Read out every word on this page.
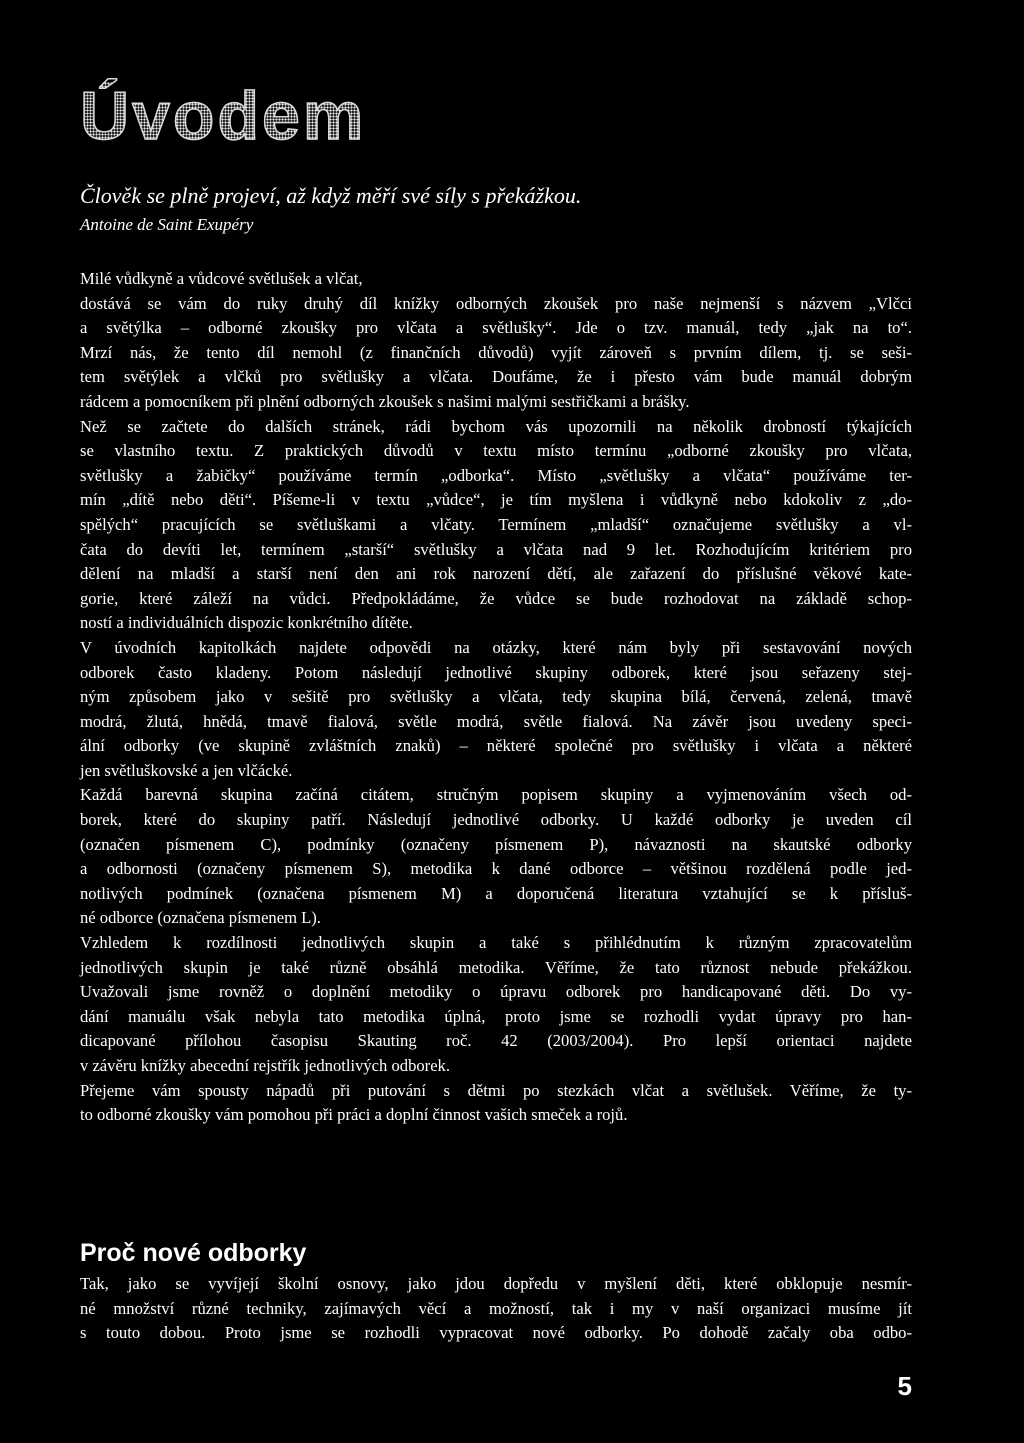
Úvodem
Člověk se plně projeví, až když měří své síly s překážkou.
Antoine de Saint Exupéry

Milé vůdkyně a vůdcové světlušek a vlčat,

dostává se vám do ruky druhý díl knížky odborných zkoušek pro naše nejmenší s názvem „Vlčci

a světýlka – odborné zkoušky pro vlčata a světlušky“. Jde o tzv. manuál, tedy „jak na to“.

Mrzí nás, že tento díl nemohl (z finančních důvodů) vyjít zároveň s prvním dílem, tj. se seši-

tem světýlek a vlčků pro světlušky a vlčata. Doufáme, že i přesto vám bude manuál dobrým

rádcem a pomocníkem při plnění odborných zkoušek s našimi malými sestřičkami a brášky.

Než se začtete do dalších stránek, rádi bychom vás upozornili na několik drobností týkajících

se vlastního textu. Z praktických důvodů v textu místo termínu „odborné zkoušky pro vlčata,

světlušky a žabičky“ používáme termín „odborka“. Místo „světlušky a vlčata“ používáme ter-

mín „dítě nebo děti“. Píšeme-li v textu „vůdce“, je tím myšlena i vůdkyně nebo kdokoliv z „do-

spělých“ pracujících se světluškami a vlčaty. Termínem „mladší“ označujeme světlušky a vl-

čata do devíti let, termínem „starší“ světlušky a vlčata nad 9 let. Rozhodujícím kritériem pro

dělení na mladší a starší není den ani rok narození dětí, ale zařazení do příslušné věkové kate-

gorie, které záleží na vůdci. Předpokládáme, že vůdce se bude rozhodovat na základě schop-

ností a individuálních dispozic konkrétního dítěte.

V úvodních kapitolkách najdete odpovědi na otázky, které nám byly při sestavování nových

odborek často kladeny. Potom následují jednotlivé skupiny odborek, které jsou seřazeny stej-

ným způsobem jako v sešitě pro světlušky a vlčata, tedy skupina bílá, červená, zelená, tmavě

modrá, žlutá, hnědá, tmavě fialová, světle modrá, světle fialová. Na závěr jsou uvedeny speci-

ální odborky (ve skupině zvláštních znaků) – některé společné pro světlušky i vlčata a některé

jen světluškovské a jen vlčácké.

Každá barevná skupina začíná citátem, stručným popisem skupiny a vyjmenováním všech od-

borek, které do skupiny patří. Následují jednotlivé odborky. U každé odborky je uveden cíl

(označen písmenem C), podmínky (označeny písmenem P), návaznosti na skautské odborky

a odbornosti (označeny písmenem S), metodika k dané odborce – většinou rozdělená podle jed-

notlivých podmínek (označena písmenem M) a doporučená literatura vztahující se k přísluš-

né odborce (označena písmenem L).

Vzhledem k rozdílnosti jednotlivých skupin a také s přihlédnutím k různým zpracovatelům

jednotlivých skupin je také různě obsáhlá metodika. Věříme, že tato různost nebude překážkou.

Uvažovali jsme rovněž o doplnění metodiky o úpravu odborek pro handicapované děti. Do vy-

dání manuálu však nebyla tato metodika úplná, proto jsme se rozhodli vydat úpravy pro han-

dicapované přílohou časopisu Skauting roč. 42 (2003/2004). Pro lepší orientaci najdete

v závěru knížky abecední rejstřík jednotlivých odborek.

Přejeme vám spousty nápadů při putování s dětmi po stezkách vlčat a světlušek. Věříme, že ty-

to odborné zkoušky vám pomohou při práci a doplní činnost vašich smeček a rojů.

Proč nové odborky

Tak, jako se vyvíjejí školní osnovy, jako jdou dopředu v myšlení děti, které obklopuje nesmír-

né množství různé techniky, zajímavých věcí a možností, tak i my v naší organizaci musíme jít

s touto dobou. Proto jsme se rozhodli vypracovat nové odborky. Po dohodě začaly oba odbo-

5
